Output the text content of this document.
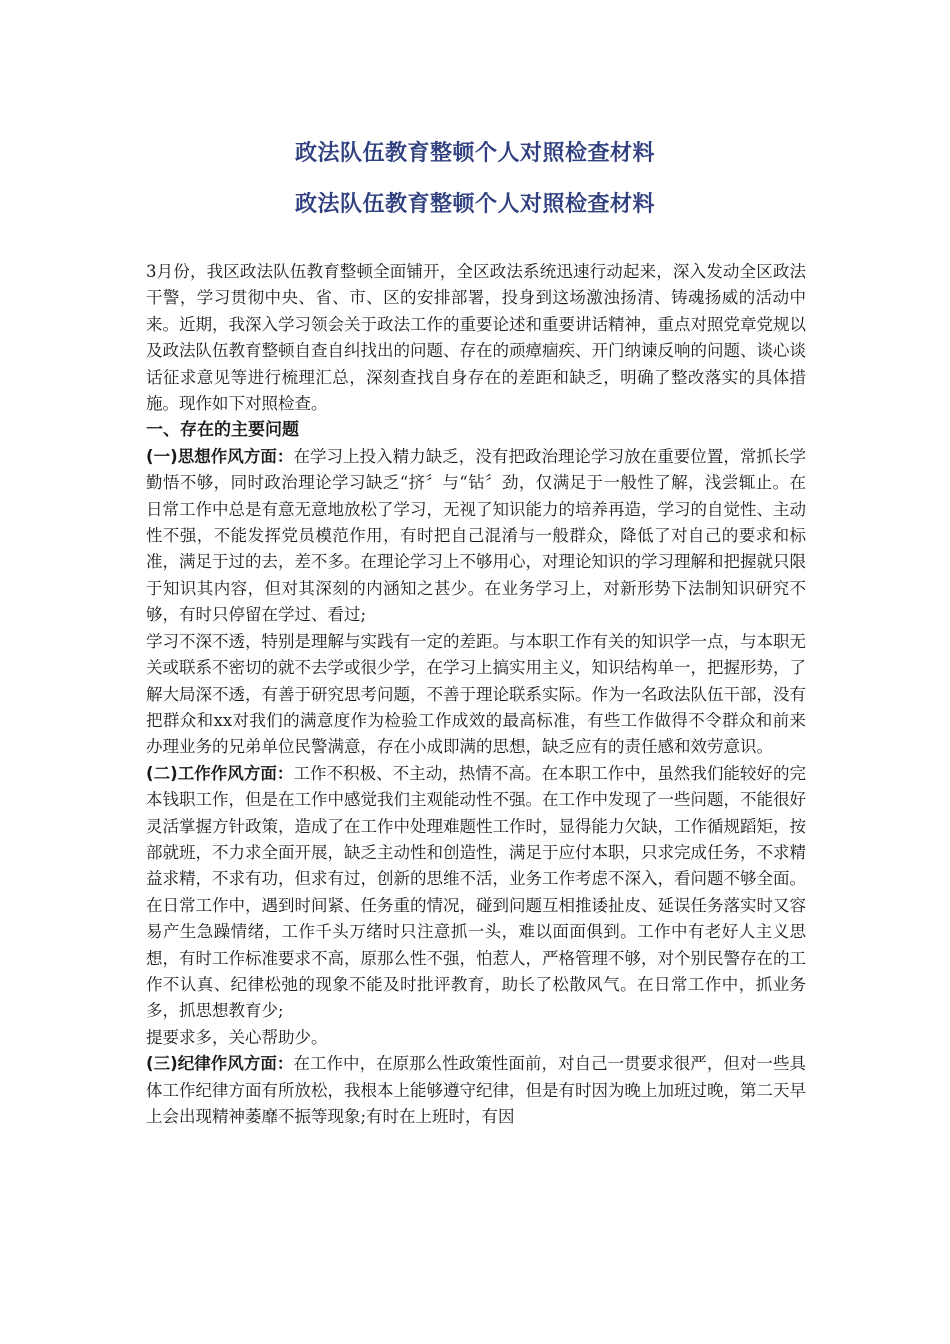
政法队伍教育整顿个人对照检查材料
政法队伍教育整顿个人对照检查材料

3月份，我区政法队伍教育整顿全面铺开，全区政法系统迅速行动起来，深入发动全区政法干警，学习贯彻中央、省、市、区的安排部署，投身到这场激浊扬清、铸魂扬威的活动中来。近期，我深入学习领会关于政法工作的重要论述和重要讲话精神，重点对照党章党规以及政法队伍教育整顿自查自纠找出的问题、存在的顽瘴痼疾、开门纳谏反响的问题、谈心谈话征求意见等进行梳理汇总，深刻查找自身存在的差距和缺乏，明确了整改落实的具体措施。现作如下对照检查。

一、存在的主要问题

(一)思想作风方面：在学习上投入精力缺乏，没有把政治理论学习放在重要位置，常抓长学勤悟不够，同时政治理论学习缺乏“挤〞与“钻〞劲，仅满足于一般性了解，浅尝辄止。在日常工作中总是有意无意地放松了学习，无视了知识能力的培养再造，学习的自觉性、主动性不强，不能发挥党员模范作用，有时把自己混淆与一般群众，降低了对自己的要求和标准，满足于过的去，差不多。在理论学习上不够用心，对理论知识的学习理解和把握就只限于知识其内容，但对其深刻的内涵知之甚少。在业务学习上，对新形势下法制知识研究不够，有时只停留在学过、看过;

学习不深不透，特别是理解与实践有一定的差距。与本职工作有关的知识学一点，与本职无关或联系不密切的就不去学或很少学，在学习上搞实用主义，知识结构单一，把握形势，了解大局深不透，有善于研究思考问题，不善于理论联系实际。作为一名政法队伍干部，没有把群众和xx对我们的满意度作为检验工作成效的最高标准，有些工作做得不令群众和前来办理业务的兄弟单位民警满意，存在小成即满的思想，缺乏应有的责任感和效劳意识。

(二)工作作风方面：工作不积极、不主动，热情不高。在本职工作中，虽然我们能较好的完本钱职工作，但是在工作中感觉我们主观能动性不强。在工作中发现了一些问题，不能很好灵活掌握方针政策，造成了在工作中处理难题性工作时，显得能力欠缺，工作循规蹈矩，按部就班，不力求全面开展，缺乏主动性和创造性，满足于应付本职，只求完成任务，不求精益求精，不求有功，但求有过，创新的思维不活，业务工作考虑不深入，看问题不够全面。在日常工作中，遇到时间紧、任务重的情况，碰到问题互相推诿扯皮、延误任务落实时又容易产生急躁情绪，工作千头万绪时只注意抓一头，难以面面俱到。工作中有老好人主义思想，有时工作标准要求不高，原那么性不强，怕惹人，严格管理不够，对个别民警存在的工作不认真、纪律松弛的现象不能及时批评教育，助长了松散风气。在日常工作中，抓业务多，抓思想教育少;

提要求多，关心帮助少。

(三)纪律作风方面：在工作中，在原那么性政策性面前，对自己一贯要求很严，但对一些具体工作纪律方面有所放松，我根本上能够遵守纪律，但是有时因为晚上加班过晚，第二天早上会出现精神萎靡不振等现象;有时在上班时，有因
